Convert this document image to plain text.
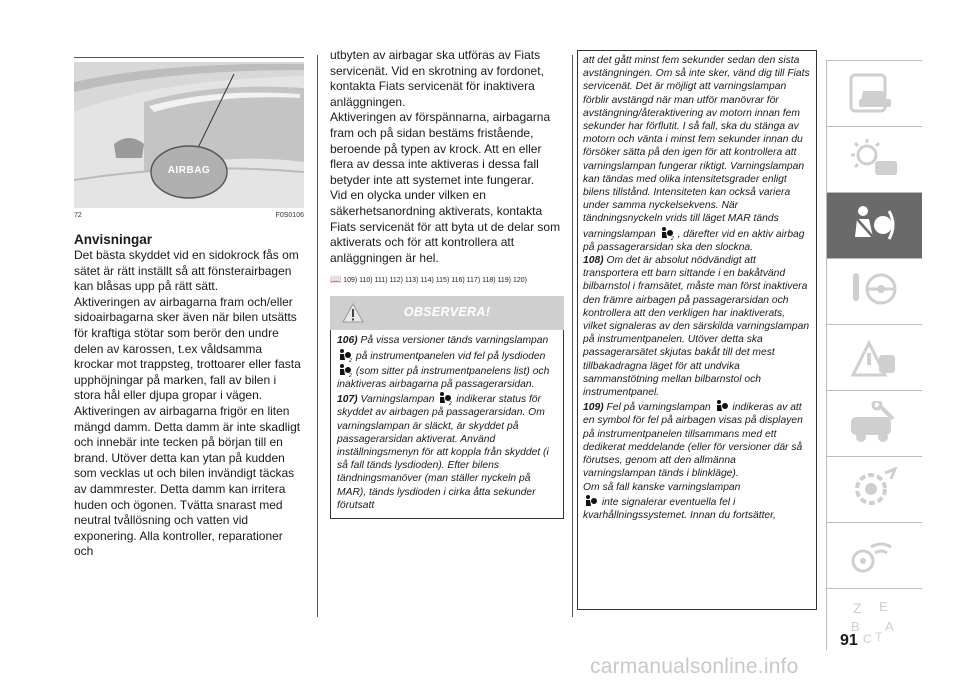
AIRBAG
72	F0S0106
Anvisningar

Det bästa skyddet vid en sidokrock fås om sätet är rätt inställt så att fönsterairbagen kan blåsas upp på rätt sätt.

Aktiveringen av airbagarna fram och/eller sidoairbagarna sker även när bilen utsätts för kraftiga stötar som berör den undre delen av karossen, t.ex våldsamma krockar mot trappsteg, trottoarer eller fasta upphöjningar på marken, fall av bilen i stora hål eller djupa gropar i vägen.

Aktiveringen av airbagarna frigör en liten mängd damm. Detta damm är inte skadligt och innebär inte tecken på början till en brand. Utöver detta kan ytan på kudden som vecklas ut och bilen invändigt täckas av dammrester. Detta damm kan irritera huden och ögonen. Tvätta snarast med neutral tvållösning och vatten vid exponering. Alla kontroller, reparationer och

utbyten av airbagar ska utföras av Fiats servicenät. Vid en skrotning av fordonet, kontakta Fiats servicenät för inaktivera anläggningen.

Aktiveringen av förspännarna, airbagarna fram och på sidan bestäms fristående, beroende på typen av krock. Att en eller flera av dessa inte aktiveras i dessa fall betyder inte att systemet inte fungerar.

Vid en olycka under vilken en säkerhetsanordning aktiverats, kontakta Fiats servicenät för att byta ut de delar som aktiverats och för att kontrollera att anläggningen är hel.

📖 109) 110) 111) 112) 113) 114) 115) 116) 117) 118) 119) 120)
OBSERVERA!

106) På vissa versioner tänds varningslampan
2 på instrumentpanelen vid fel på lysdioden
2 (som sitter på instrumentpanelens list) och inaktiveras airbagarna på passagerarsidan.

107) Varningslampan	2 indikerar status för skyddet av airbagen på passagerarsidan. Om varningslampan är släckt, är skyddet på passagerarsidan aktiverat. Använd inställningsmenyn för att koppla från skyddet (i så fall tänds lysdioden). Efter bilens tändningsmanöver (man ställer nyckeln på MAR), tänds lysdioden i cirka åtta sekunder förutsatt

att det gått minst fem sekunder sedan den sista avstängningen. Om så inte sker, vänd dig till Fiats servicenät. Det är möjligt att varningslampan förblir avstängd när man utför manövrar för avstängning/återaktivering av motorn innan fem sekunder har förflutit. I så fall, ska du stänga av motorn och vänta i minst fem sekunder innan du försöker sätta på den igen för att kontrollera att varningslampan fungerar riktigt. Varningslampan kan tändas med olika intensitetsgrader enligt bilens tillstånd. Intensiteten kan också variera under samma nyckelsekvens. När tändningsnyckeln vrids till läget MAR tänds varningslampan	2 , därefter vid en aktiv airbag på passagerarsidan ska den slockna.

108) Om det är absolut nödvändigt att transportera ett barn sittande i en bakåtvänd bilbarnstol i framsätet, måste man först inaktivera den främre airbagen på passagerarsidan och kontrollera att den verkligen har inaktiverats, vilket signaleras av den särskilda varningslampan på instrumentpanelen. Utöver detta ska passagerarsätet skjutas bakåt till det mest tillbakadragna läget för att undvika sammanstötning mellan bilbarnstol och instrumentpanel.

109) Fel på varningslampan indikeras av att en symbol för fel på airbagen visas på displayen på instrumentpanelen tillsammans med ett dedikerat meddelande (eller för versioner där så förutses, genom att den allmänna varningslampan tänds i blinkläge).
Om så fall kanske varningslampan
inte signalerar eventuella fel i kvarhållningssystemet. Innan du fortsätter,

Z E
B A
C T
91
carmanualsonline.info
